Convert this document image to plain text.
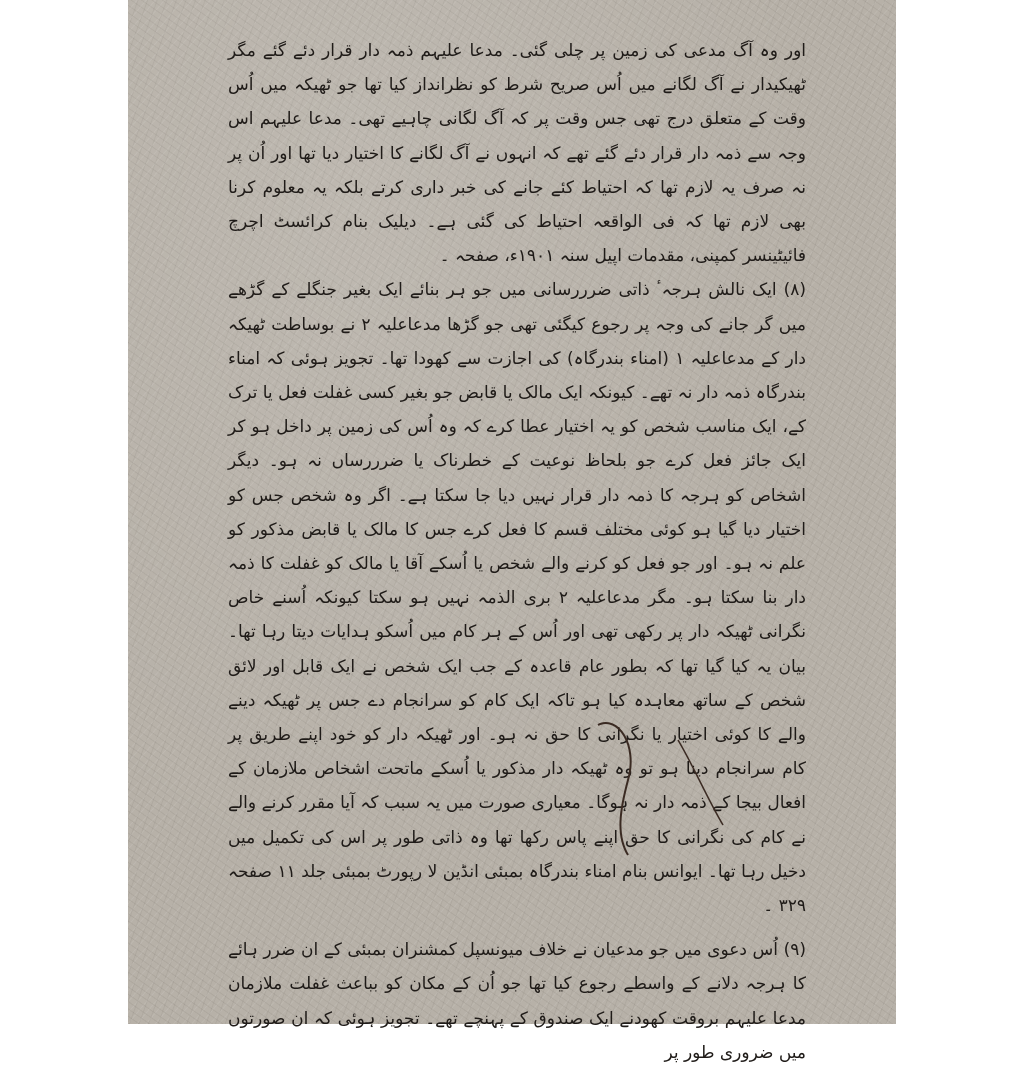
اور وہ آگ مدعی کی زمین پر چلی گئی۔ مدعا علیہم ذمہ دار قرار دئے گئے مگر ٹھیکیدار نے آگ لگانے میں اُس صریح شرط کو نظرانداز کیا تھا جو ٹھیکہ میں اُس وقت کے متعلق درج تھی جس وقت پر کہ آگ لگانی چاہیے تھی۔ مدعا علیہم اس وجہ سے ذمہ دار قرار دئے گئے تھے کہ انہوں نے آگ لگانے کا اختیار دیا تھا اور اُن پر نہ صرف یہ لازم تھا کہ احتیاط کئے جانے کی خبر داری کرتے بلکہ یہ معلوم کرنا بھی لازم تھا کہ فی الواقعہ احتیاط کی گئی ہے۔ دیلیک بنام کرائسٹ اچرچ فائیٹینسر کمپنی، مقدمات اپیل سنہ ۱۹۰۱ء، صفحہ ۔

(۸) ایک نالش ہرجہٴ ذاتی ضرررسانی میں جو ہر بنائے ایک بغیر جنگلے کے گڑھے میں گر جانے کی وجہ پر رجوع کیگئی تھی جو گڑھا مدعاعلیہ ۲ نے بوساطت ٹھیکہ دار کے مدعاعلیہ ۱ (امناء بندرگاہ) کی اجازت سے کھودا تھا۔ تجویز ہوئی کہ امناء بندرگاہ ذمہ دار نہ تھے۔ کیونکہ ایک مالک یا قابض جو بغیر کسی غفلت فعل یا ترک کے، ایک مناسب شخص کو یہ اختیار عطا کرے کہ وہ اُس کی زمین پر داخل ہو کر ایک جائز فعل کرے جو بلحاظ نوعیت کے خطرناک یا ضرررساں نہ ہو۔ دیگر اشخاص کو ہرجہ کا ذمہ دار قرار نہیں دیا جا سکتا ہے۔ اگر وہ شخص جس کو اختیار دیا گیا ہو کوئی مختلف قسم کا فعل کرے جس کا مالک یا قابض مذکور کو علم نہ ہو۔ اور جو فعل کو کرنے والے شخص یا اُسکے آقا یا مالک کو غفلت کا ذمہ دار بنا سکتا ہو۔ مگر مدعاعلیہ ۲ بری الذمہ نہیں ہو سکتا کیونکہ اُسنے خاص نگرانی ٹھیکہ دار پر رکھی تھی اور اُس کے ہر کام میں اُسکو ہدایات دیتا رہا تھا۔ بیان یہ کیا گیا تھا کہ بطور عام قاعدہ کے جب ایک شخص نے ایک قابل اور لائق شخص کے ساتھ معاہدہ کیا ہو تاکہ ایک کام کو سرانجام دے جس پر ٹھیکہ دینے والے کا کوئی اختیار یا نگرانی کا حق نہ ہو۔ اور ٹھیکہ دار کو خود اپنے طریق پر کام سرانجام دینا ہو تو وہ ٹھیکہ دار مذکور یا اُسکے ماتحت اشخاص ملازمان کے افعال بیجا کے ذمہ دار نہ ہوگا۔ معیاری صورت میں یہ سبب کہ آیا مقرر کرنے والے نے کام کی نگرانی کا حق اپنے پاس رکھا تھا وہ ذاتی طور پر اس کی تکمیل میں دخیل رہا تھا۔ ایوانس بنام امناء بندرگاہ بمبئی انڈین لا رپورٹ بمبئی جلد ۱۱ صفحہ ۳۲۹ ۔

(۹) اُس دعوی میں جو مدعیان نے خلاف میونسپل کمشنران بمبئی کے ان ضرر ہائے کا ہرجہ دلانے کے واسطے رجوع کیا تھا جو اُن کے مکان کو بباعث غفلت ملازمان مدعا علیہم بروقت کھودنے ایک صندوق کے پہنچے تھے۔ تجویز ہوئی کہ ان صورتوں میں ضروری طور پر
